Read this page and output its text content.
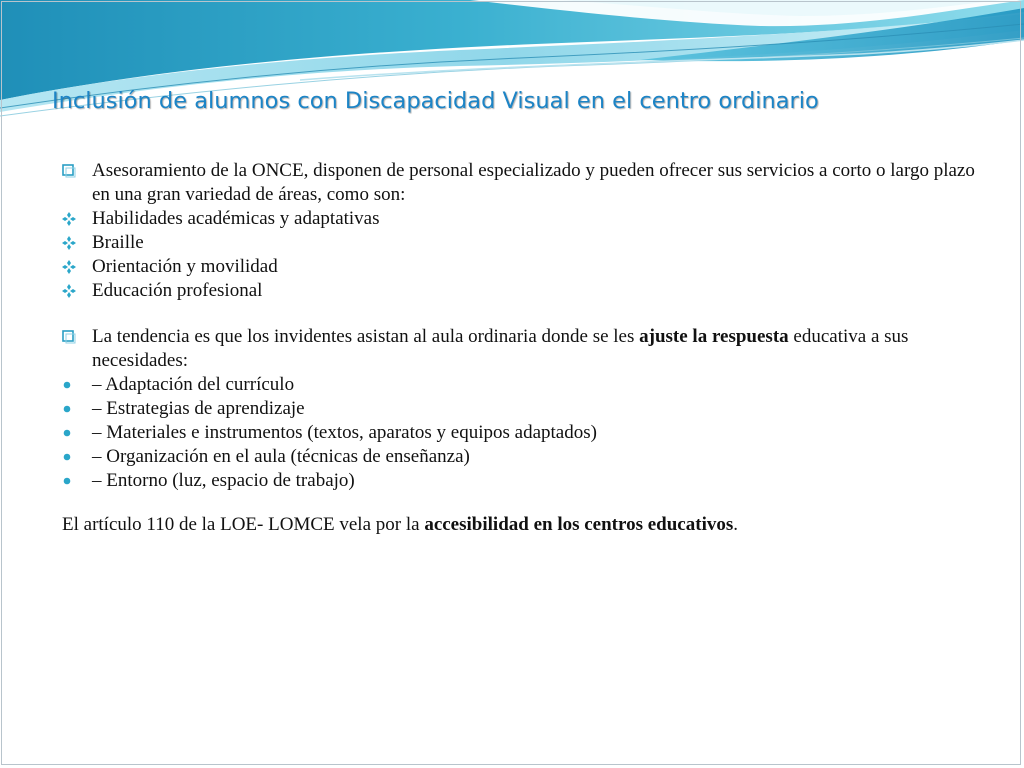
Inclusión de alumnos con Discapacidad Visual en el centro ordinario
Asesoramiento de la ONCE, disponen de personal especializado y pueden ofrecer sus servicios a corto o largo plazo en una gran variedad de áreas, como son:
Habilidades académicas y adaptativas
Braille
Orientación y movilidad
Educación profesional
La tendencia es que los invidentes asistan al aula ordinaria donde se les ajuste la respuesta educativa a sus necesidades:
– Adaptación del currículo
– Estrategias de aprendizaje
– Materiales e instrumentos (textos, aparatos y equipos adaptados)
– Organización en el aula (técnicas de enseñanza)
– Entorno (luz, espacio de trabajo)
El artículo 110 de la LOE- LOMCE vela por la accesibilidad en los centros educativos.
